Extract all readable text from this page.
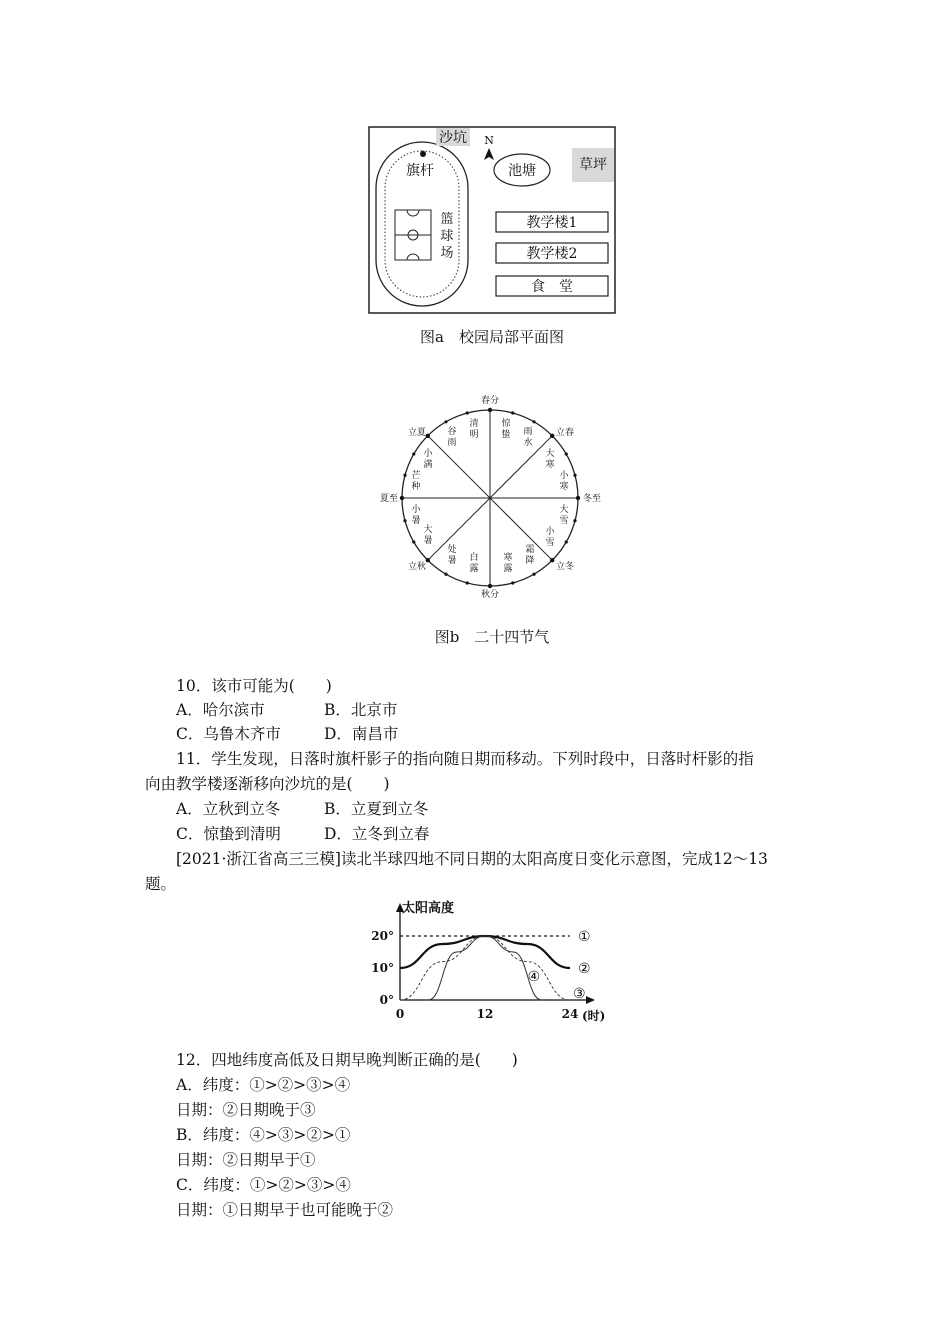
沙坑
旗杆
篮
球
场
N
池塘	草坪
教学楼1
教学楼2
食　堂
图a　校园局部平面图
春分
立春
冬至
立冬
秋分
立秋
夏至
立夏
清明
谷雨
惊蛰 雨水
大寒
小寒
小满
芒种
小暑
大暑
大雪
小雪
霜降
寒露
白露
处暑
图b　二十四节气
10．该市可能为(　　)
A．哈尔滨市	B．北京市
C．乌鲁木齐市	D．南昌市
11．学生发现，日落时旗杆影子的指向随日期而移动。下列时段中，日落时杆影的指
向由教学楼逐渐移向沙坑的是(　　)
A．立秋到立冬	B．立夏到立冬
C．惊蛰到清明	D．立冬到立春
[2021·浙江省高三三模]读北半球四地不同日期的太阳高度日变化示意图，完成12～13
题。
太阳高度
0°
10°
20°
0	12	24 (时)
①
②
③
④
12．四地纬度高低及日期早晚判断正确的是(　　)
A．纬度：①>②>③>④
日期：②日期晚于③
B．纬度：④>③>②>①
日期：②日期早于①
C．纬度：①>②>③>④
日期：①日期早于也可能晚于②
